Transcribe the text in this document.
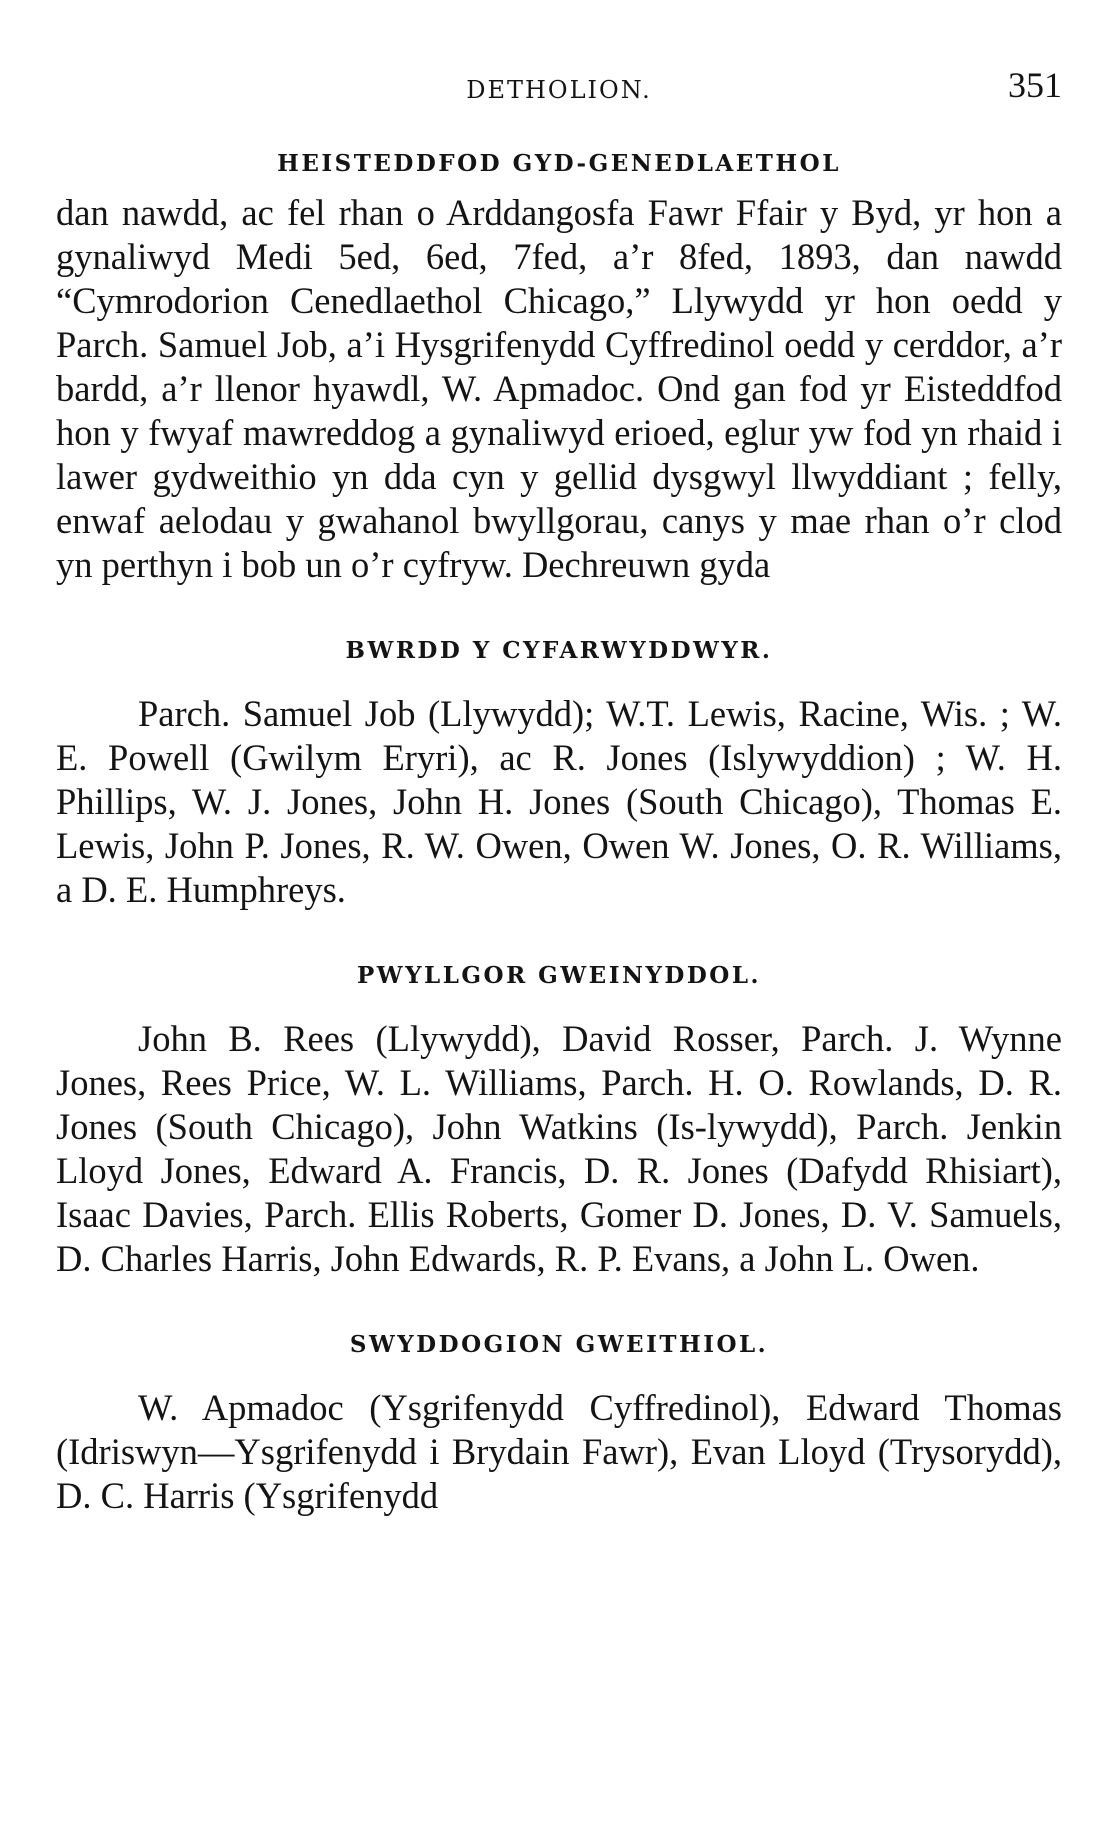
DETHOLION.	351
HEISTEDDFOD GYD-GENEDLAETHOL

dan nawdd, ac fel rhan o Arddangosfa Fawr Ffair y Byd, yr hon a gynaliwyd Medi 5ed, 6ed, 7fed, a’r 8fed, 1893, dan nawdd “Cymrodorion Cenedlaethol Chicago,” Llywydd yr hon oedd y Parch. Samuel Job, a’i Hysgrifenydd Cyffredinol oedd y cerddor, a’r bardd, a’r llenor hyawdl, W. Apmadoc. Ond gan fod yr Eisteddfod hon y fwyaf mawreddog a gynaliwyd erioed, eglur yw fod yn rhaid i lawer gydweithio yn dda cyn y gellid dysgwyl llwyddiant ; felly, enwaf aelodau y gwahanol bwyllgorau, canys y mae rhan o’r clod yn perthyn i bob un o’r cyfryw. Dechreuwn gyda

BWRDD Y CYFARWYDDWYR.

Parch. Samuel Job (Llywydd); W.T. Lewis, Racine, Wis. ; W. E. Powell (Gwilym Eryri), ac R. Jones (Islywyddion) ; W. H. Phillips, W. J. Jones, John H. Jones (South Chicago), Thomas E. Lewis, John P. Jones, R. W. Owen, Owen W. Jones, O. R. Williams, a D. E. Humphreys.

PWYLLGOR GWEINYDDOL.

John B. Rees (Llywydd), David Rosser, Parch. J. Wynne Jones, Rees Price, W. L. Williams, Parch. H. O. Rowlands, D. R. Jones (South Chicago), John Watkins (Is-lywydd), Parch. Jenkin Lloyd Jones, Edward A. Francis, D. R. Jones (Dafydd Rhisiart), Isaac Davies, Parch. Ellis Roberts, Gomer D. Jones, D. V. Samuels, D. Charles Harris, John Edwards, R. P. Evans, a John L. Owen.

SWYDDOGION GWEITHIOL.

W. Apmadoc (Ysgrifenydd Cyffredinol), Edward Thomas (Idriswyn—Ysgrifenydd i Brydain Fawr), Evan Lloyd (Trysorydd), D. C. Harris (Ysgrifenydd
